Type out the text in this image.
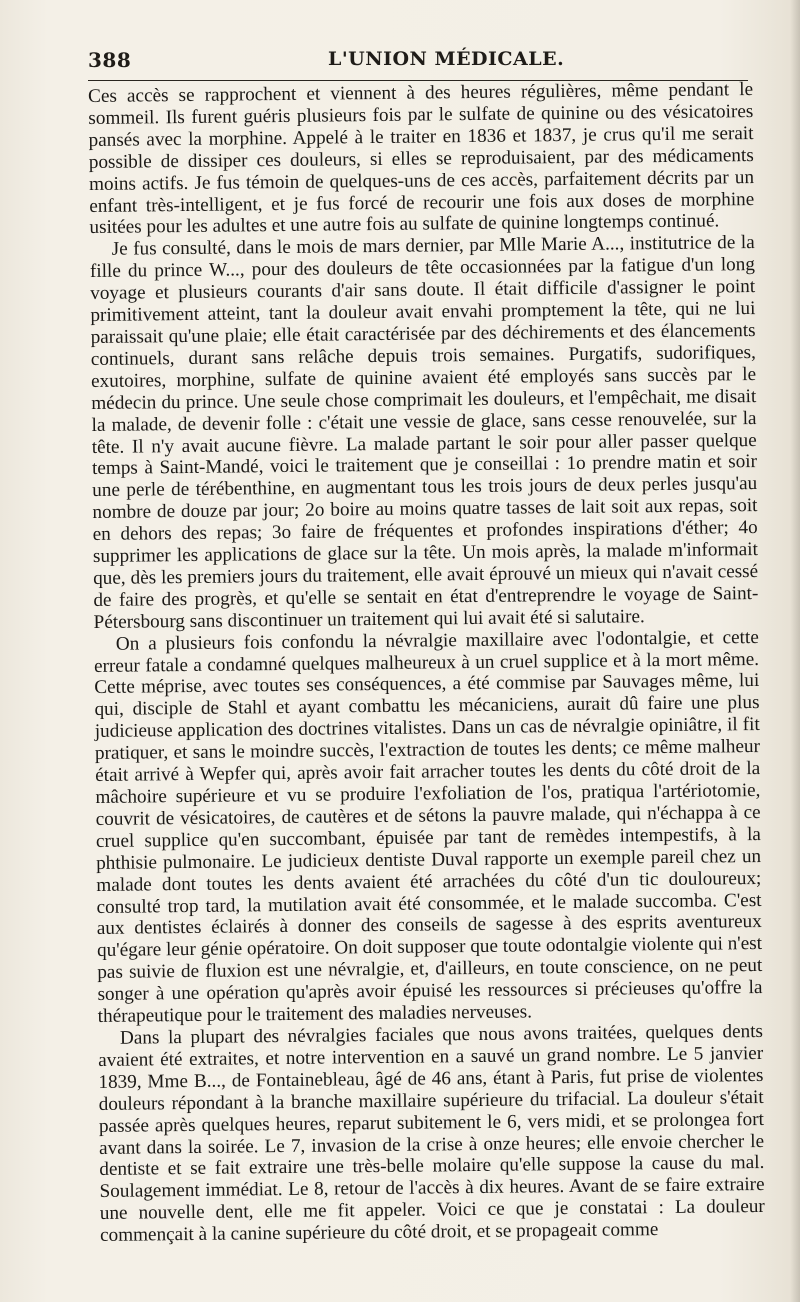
388	L'UNION MÉDICALE.

Ces accès se rapprochent et viennent à des heures régulières, même pendant le sommeil. Ils furent guéris plusieurs fois par le sulfate de quinine ou des vésicatoires pansés avec la morphine. Appelé à le traiter en 1836 et 1837, je crus qu'il me serait possible de dissiper ces douleurs, si elles se reproduisaient, par des médicaments moins actifs. Je fus témoin de quelques-uns de ces accès, parfaitement décrits par un enfant très-intelligent, et je fus forcé de recourir une fois aux doses de morphine usitées pour les adultes et une autre fois au sulfate de quinine longtemps continué.

Je fus consulté, dans le mois de mars dernier, par Mlle Marie A..., institutrice de la fille du prince W..., pour des douleurs de tête occasionnées par la fatigue d'un long voyage et plusieurs courants d'air sans doute. Il était difficile d'assigner le point primitivement atteint, tant la douleur avait envahi promptement la tête, qui ne lui paraissait qu'une plaie; elle était caractérisée par des déchirements et des élancements continuels, durant sans relâche depuis trois semaines. Purgatifs, sudorifiques, exutoires, morphine, sulfate de quinine avaient été employés sans succès par le médecin du prince. Une seule chose comprimait les douleurs, et l'empêchait, me disait la malade, de devenir folle : c'était une vessie de glace, sans cesse renouvelée, sur la tête. Il n'y avait aucune fièvre. La malade partant le soir pour aller passer quelque temps à Saint-Mandé, voici le traitement que je conseillai : 1o prendre matin et soir une perle de térébenthine, en augmentant tous les trois jours de deux perles jusqu'au nombre de douze par jour; 2o boire au moins quatre tasses de lait soit aux repas, soit en dehors des repas; 3o faire de fréquentes et profondes inspirations d'éther; 4o supprimer les applications de glace sur la tête. Un mois après, la malade m'informait que, dès les premiers jours du traitement, elle avait éprouvé un mieux qui n'avait cessé de faire des progrès, et qu'elle se sentait en état d'entreprendre le voyage de Saint-Pétersbourg sans discontinuer un traitement qui lui avait été si salutaire.

On a plusieurs fois confondu la névralgie maxillaire avec l'odontalgie, et cette erreur fatale a condamné quelques malheureux à un cruel supplice et à la mort même. Cette méprise, avec toutes ses conséquences, a été commise par Sauvages même, lui qui, disciple de Stahl et ayant combattu les mécaniciens, aurait dû faire une plus judicieuse application des doctrines vitalistes. Dans un cas de névralgie opiniâtre, il fit pratiquer, et sans le moindre succès, l'extraction de toutes les dents; ce même malheur était arrivé à Wepfer qui, après avoir fait arracher toutes les dents du côté droit de la mâchoire supérieure et vu se produire l'exfoliation de l'os, pratiqua l'artériotomie, couvrit de vésicatoires, de cautères et de sétons la pauvre malade, qui n'échappa à ce cruel supplice qu'en succombant, épuisée par tant de remèdes intempestifs, à la phthisie pulmonaire. Le judicieux dentiste Duval rapporte un exemple pareil chez un malade dont toutes les dents avaient été arrachées du côté d'un tic douloureux; consulté trop tard, la mutilation avait été consommée, et le malade succomba. C'est aux dentistes éclairés à donner des conseils de sagesse à des esprits aventureux qu'égare leur génie opératoire. On doit supposer que toute odontalgie violente qui n'est pas suivie de fluxion est une névralgie, et, d'ailleurs, en toute conscience, on ne peut songer à une opération qu'après avoir épuisé les ressources si précieuses qu'offre la thérapeutique pour le traitement des maladies nerveuses.

Dans la plupart des névralgies faciales que nous avons traitées, quelques dents avaient été extraites, et notre intervention en a sauvé un grand nombre. Le 5 janvier 1839, Mme B..., de Fontainebleau, âgé de 46 ans, étant à Paris, fut prise de violentes douleurs répondant à la branche maxillaire supérieure du trifacial. La douleur s'était passée après quelques heures, reparut subitement le 6, vers midi, et se prolongea fort avant dans la soirée. Le 7, invasion de la crise à onze heures; elle envoie chercher le dentiste et se fait extraire une très-belle molaire qu'elle suppose la cause du mal. Soulagement immédiat. Le 8, retour de l'accès à dix heures. Avant de se faire extraire une nouvelle dent, elle me fit appeler. Voici ce que je constatai : La douleur commençait à la canine supérieure du côté droit, et se propageait comme
